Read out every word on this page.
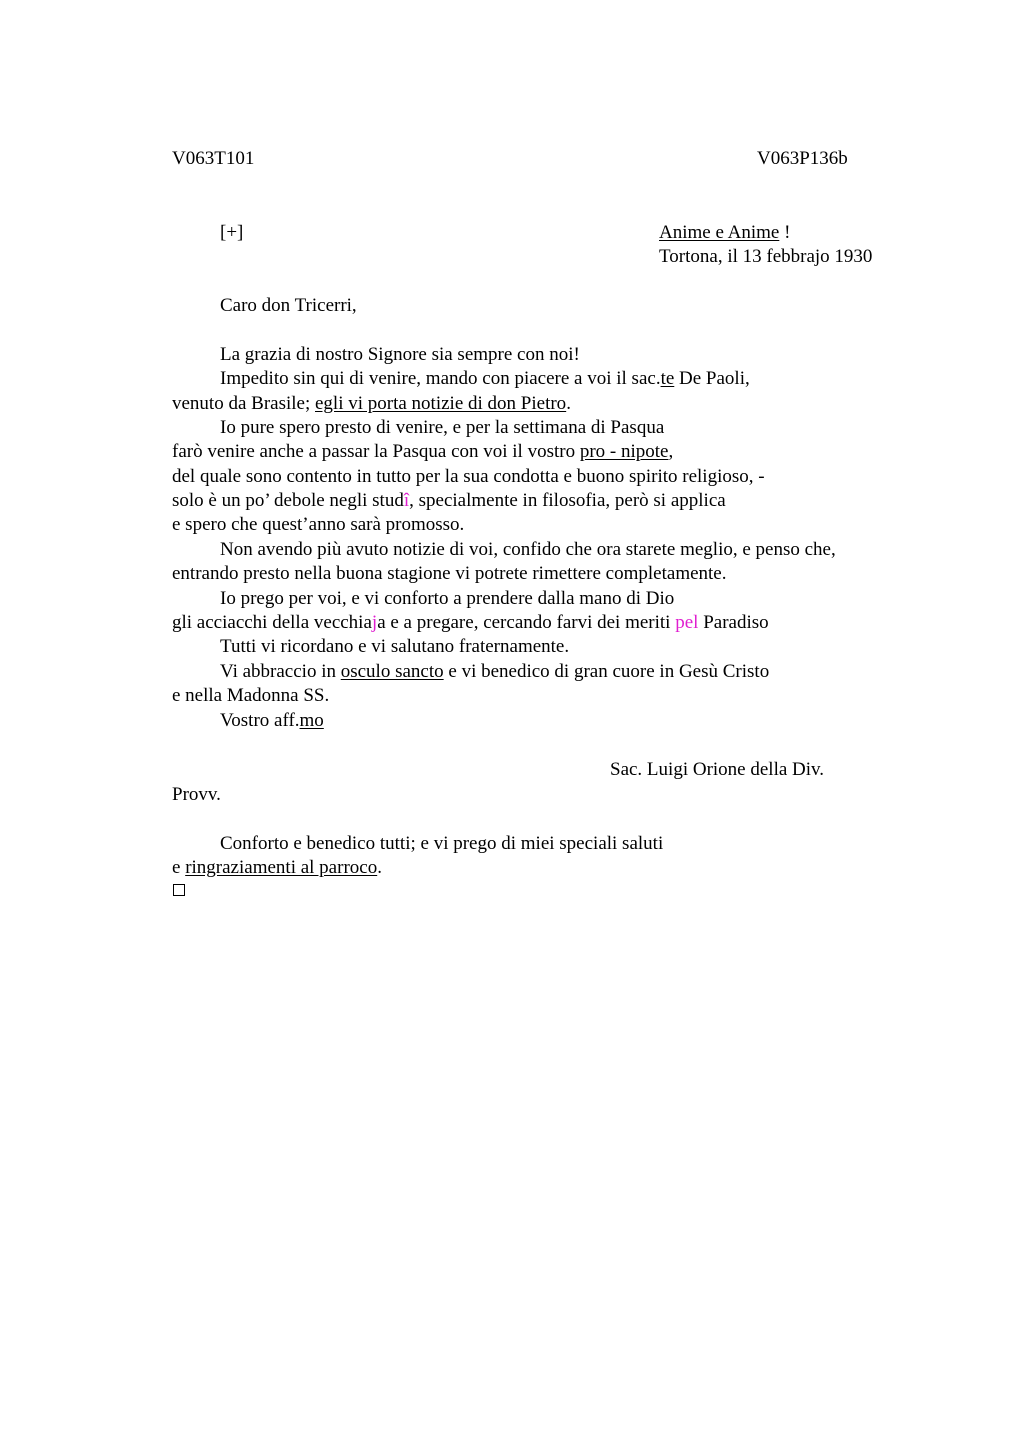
V063T101	V063P136b
[+]	Anime e Anime !
Tortona, il 13 febbrajo 1930
Caro don Tricerri,
La grazia di nostro Signore sia sempre con noi!
Impedito sin qui di venire, mando con piacere a voi il sac.te De Paoli,
venuto da Brasile; egli vi porta notizie di don Pietro.
Io pure spero presto di venire, e per la settimana di Pasqua
farò venire anche a passar la Pasqua con voi il vostro pro - nipote,
del quale sono contento in tutto per la sua condotta e buono spirito religioso, -
solo è un po’ debole negli studî, specialmente in filosofia, però si applica
e spero che quest’anno sarà promosso.
Non avendo più avuto notizie di voi, confido che ora starete meglio, e penso che,
entrando presto nella buona stagione vi potrete rimettere completamente.
Io prego per voi, e vi conforto a prendere dalla mano di Dio
gli acciacchi della vecchiaja e a pregare, cercando farvi dei meriti pel Paradiso
Tutti vi ricordano e vi salutano fraternamente.
Vi abbraccio in osculo sancto e vi benedico di gran cuore in Gesù Cristo
e nella Madonna SS.
Vostro aff.mo
Sac. Luigi Orione della Div.
Provv.
Conforto e benedico tutti; e vi prego di miei speciali saluti
e ringraziamenti al parroco.
